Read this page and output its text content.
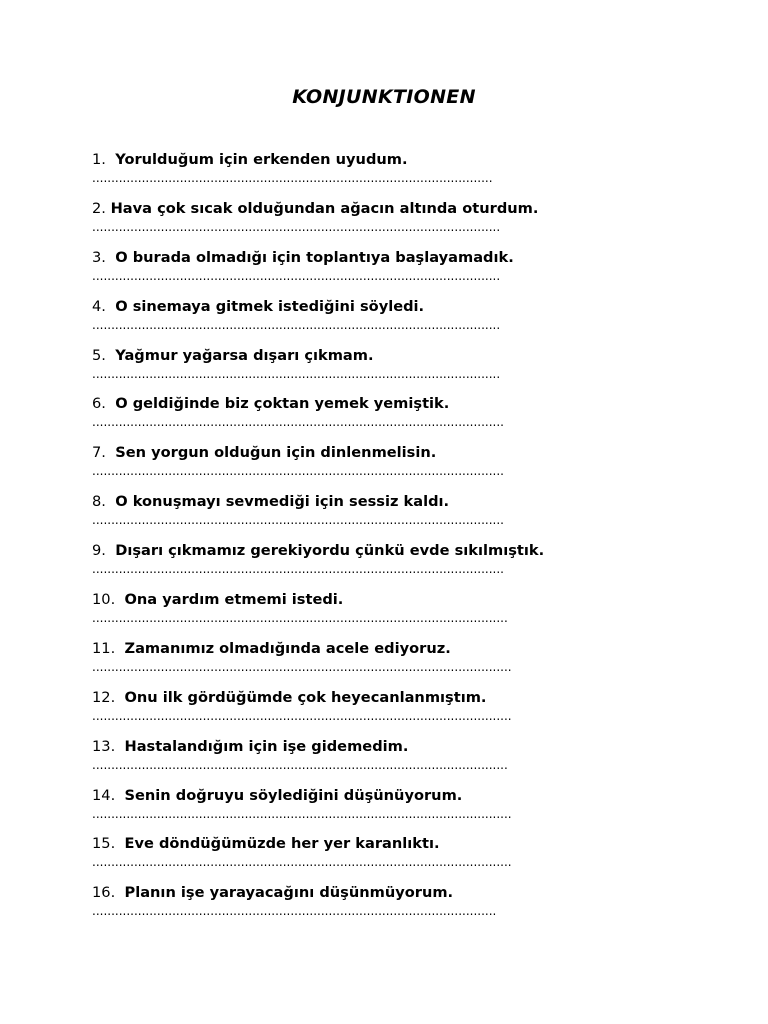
KONJUNKTIONEN
1. Yorulduğum için erkenden uyudum.
.........................................................................................................
2. Hava çok sıcak olduğundan ağacın altında oturdum.
...........................................................................................................
3. O burada olmadığı için toplantıya başlayamadık.
...........................................................................................................
4. O sinemaya gitmek istediğini söyledi.
...........................................................................................................
5. Yağmur yağarsa dışarı çıkmam.
...........................................................................................................
6. O geldiğinde biz çoktan yemek yemiştik.
............................................................................................................
7. Sen yorgun olduğun için dinlenmelisin.
............................................................................................................
8. O konuşmayı sevmediği için sessiz kaldı.
............................................................................................................
9. Dışarı çıkmamız gerekiyordu çünkü evde sıkılmıştık.
............................................................................................................
10. Ona yardım etmemi istedi.
.............................................................................................................
11. Zamanımız olmadığında acele ediyoruz.
..............................................................................................................
12. Onu ilk gördüğümde çok heyecanlanmıştım.
..............................................................................................................
13. Hastalandığım için işe gidemedim.
.............................................................................................................
14. Senin doğruyu söylediğini düşünüyorum.
..............................................................................................................
15. Eve döndüğümüzde her yer karanlıktı.
..............................................................................................................
16. Planın işe yarayacağını düşünmüyorum.
..........................................................................................................
